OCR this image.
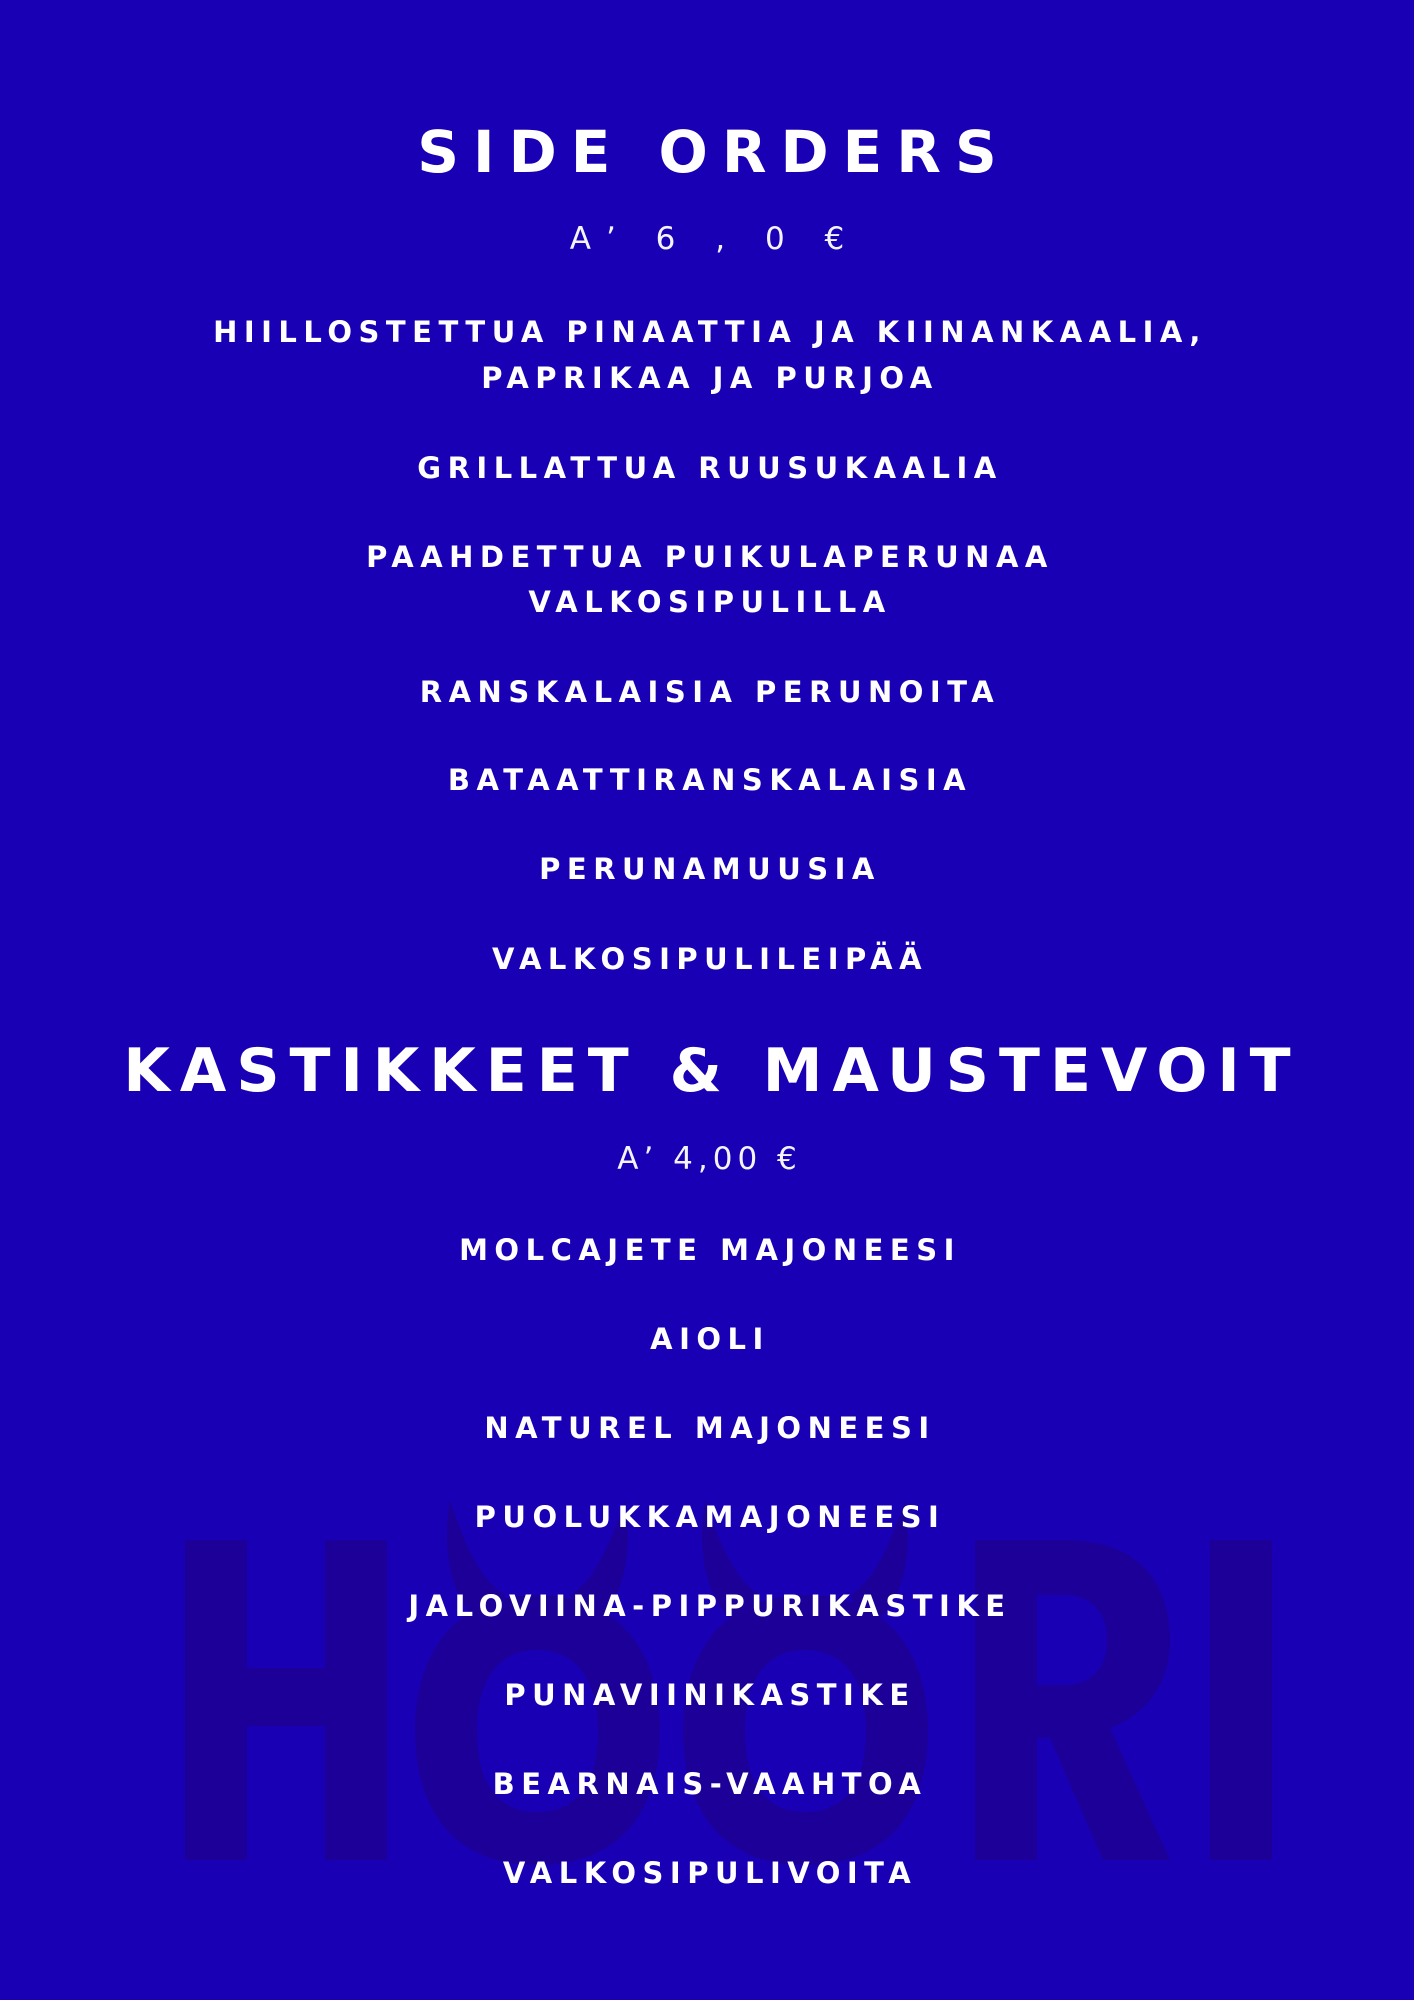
SIDE ORDERS
A’ 6 , 0 €
HIILLOSTETTUA PINAATTIA JA KIINANKAALIA,
PAPRIKAA JA PURJOA
GRILLATTUA RUUSUKAALIA
PAAHDETTUA PUIKULAPERUNAA
VALKOSIPULILLA
RANSKALAISIA PERUNOITA
BATAATTIRANSKALAISIA
PERUNAMUUSIA
VALKOSIPULILEIPÄÄ
KASTIKKEET & MAUSTEVOIT
A’ 4,00 €
MOLCAJETE MAJONEESI
AIOLI
NATUREL MAJONEESI
PUOLUKKAMAJONEESI
JALOVIINA-PIPPURIKASTIKE
PUNAVIINIKASTIKE
BEARNAIS-VAAHTOA
VALKOSIPULIVOITA
